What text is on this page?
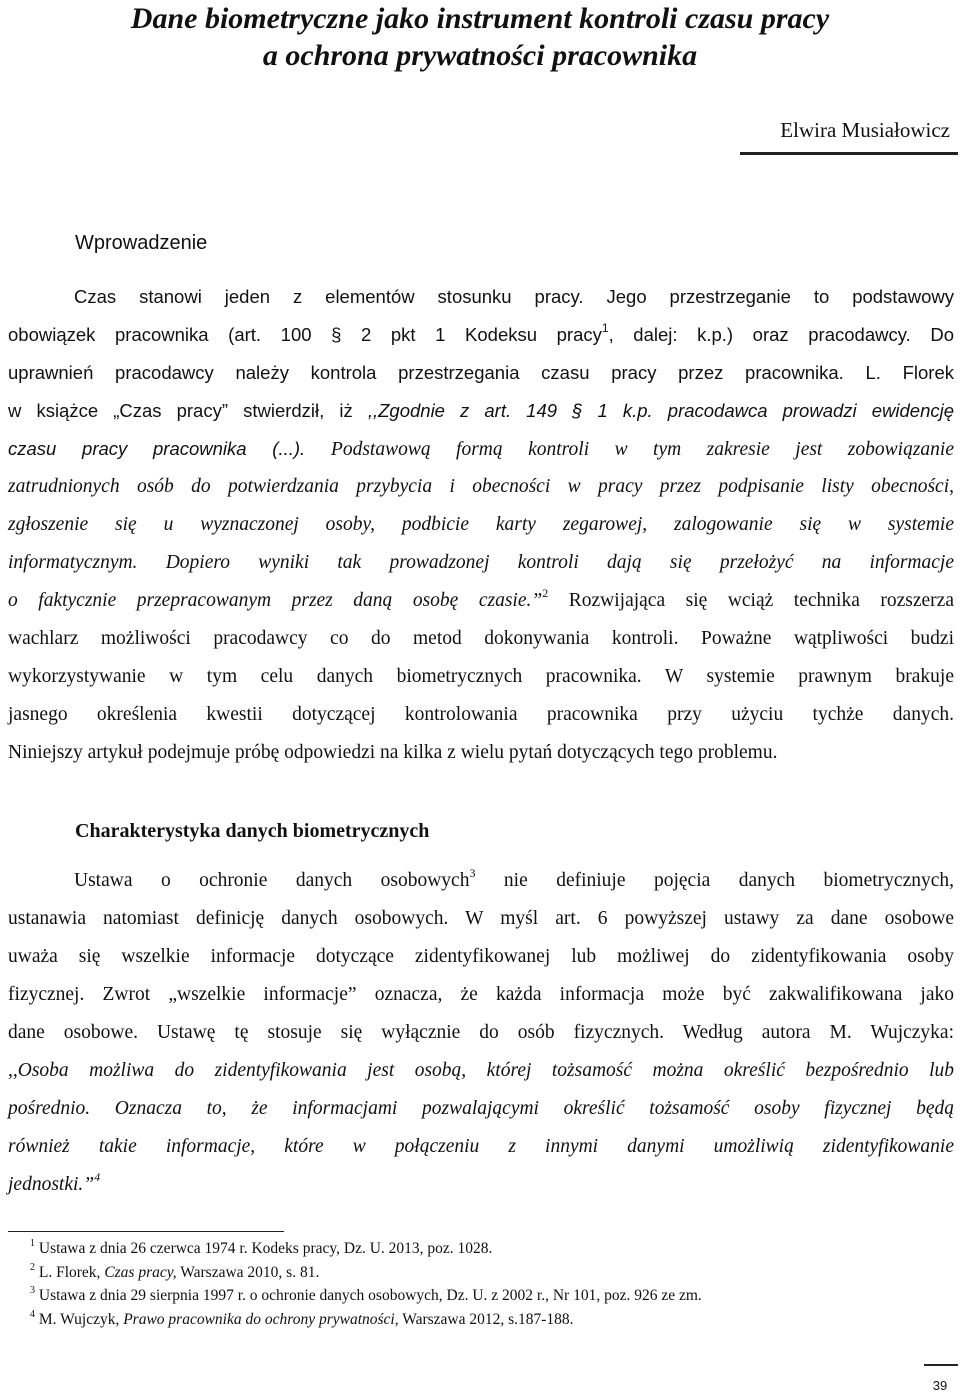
Dane biometryczne jako instrument kontroli czasu pracy
a ochrona prywatności pracownika
Elwira Musiałowicz
Wprowadzenie
Czas stanowi jeden z elementów stosunku pracy. Jego przestrzeganie to podstawowy
obowiązek pracownika (art. 100 § 2 pkt 1 Kodeksu pracy$^1$, dalej: k.p.) oraz pracodawcy. Do
uprawnień pracodawcy należy kontrola przestrzegania czasu pracy przez pracownika. L. Florek
w książce „Czas pracy” stwierdził, iż ,,Zgodnie z art. 149 § 1 k.p. pracodawca prowadzi ewidencję
czasu pracy pracownika (...). Podstawową formą kontroli w tym zakresie jest zobowiązanie
zatrudnionych osób do potwierdzania przybycia i obecności w pracy przez podpisanie listy obecności,
zgłoszenie się u wyznaczonej osoby, podbicie karty zegarowej, zalogowanie się w systemie
informatycznym. Dopiero wyniki tak prowadzonej kontroli dają się przełożyć na informacje
o faktycznie przepracowanym przez daną osobę czasie.”$^2$ Rozwijająca się wciąż technika rozszerza
wachlarz możliwości pracodawcy co do metod dokonywania kontroli. Poważne wątpliwości budzi
wykorzystywanie w tym celu danych biometrycznych pracownika. W systemie prawnym brakuje
jasnego określenia kwestii dotyczącej kontrolowania pracownika przy użyciu tychże danych.
Niniejszy artykuł podejmuje próbę odpowiedzi na kilka z wielu pytań dotyczących tego problemu.
Charakterystyka danych biometrycznych
Ustawa o ochronie danych osobowych$^3$ nie definiuje pojęcia danych biometrycznych,
ustanawia natomiast definicję danych osobowych. W myśl art. 6 powyższej ustawy za dane osobowe
uważa się wszelkie informacje dotyczące zidentyfikowanej lub możliwej do zidentyfikowania osoby
fizycznej. Zwrot „wszelkie informacje” oznacza, że każda informacja może być zakwalifikowana jako
dane osobowe. Ustawę tę stosuje się wyłącznie do osób fizycznych. Według autora M. Wujczyka:
,,Osoba możliwa do zidentyfikowania jest osobą, której tożsamość można określić bezpośrednio lub
pośrednio. Oznacza to, że informacjami pozwalającymi określić tożsamość osoby fizycznej będą
również takie informacje, które w połączeniu z innymi danymi umożliwią zidentyfikowanie
jednostki.”$^4$
$^1$ Ustawa z dnia 26 czerwca 1974 r. Kodeks pracy, Dz. U. 2013, poz. 1028.
$^2$ L. Florek, Czas pracy, Warszawa 2010, s. 81.
$^3$ Ustawa z dnia 29 sierpnia 1997 r. o ochronie danych osobowych, Dz. U. z 2002 r., Nr 101, poz. 926 ze zm.
$^4$ M. Wujczyk, Prawo pracownika do ochrony prywatności, Warszawa 2012, s.187-188.
39
